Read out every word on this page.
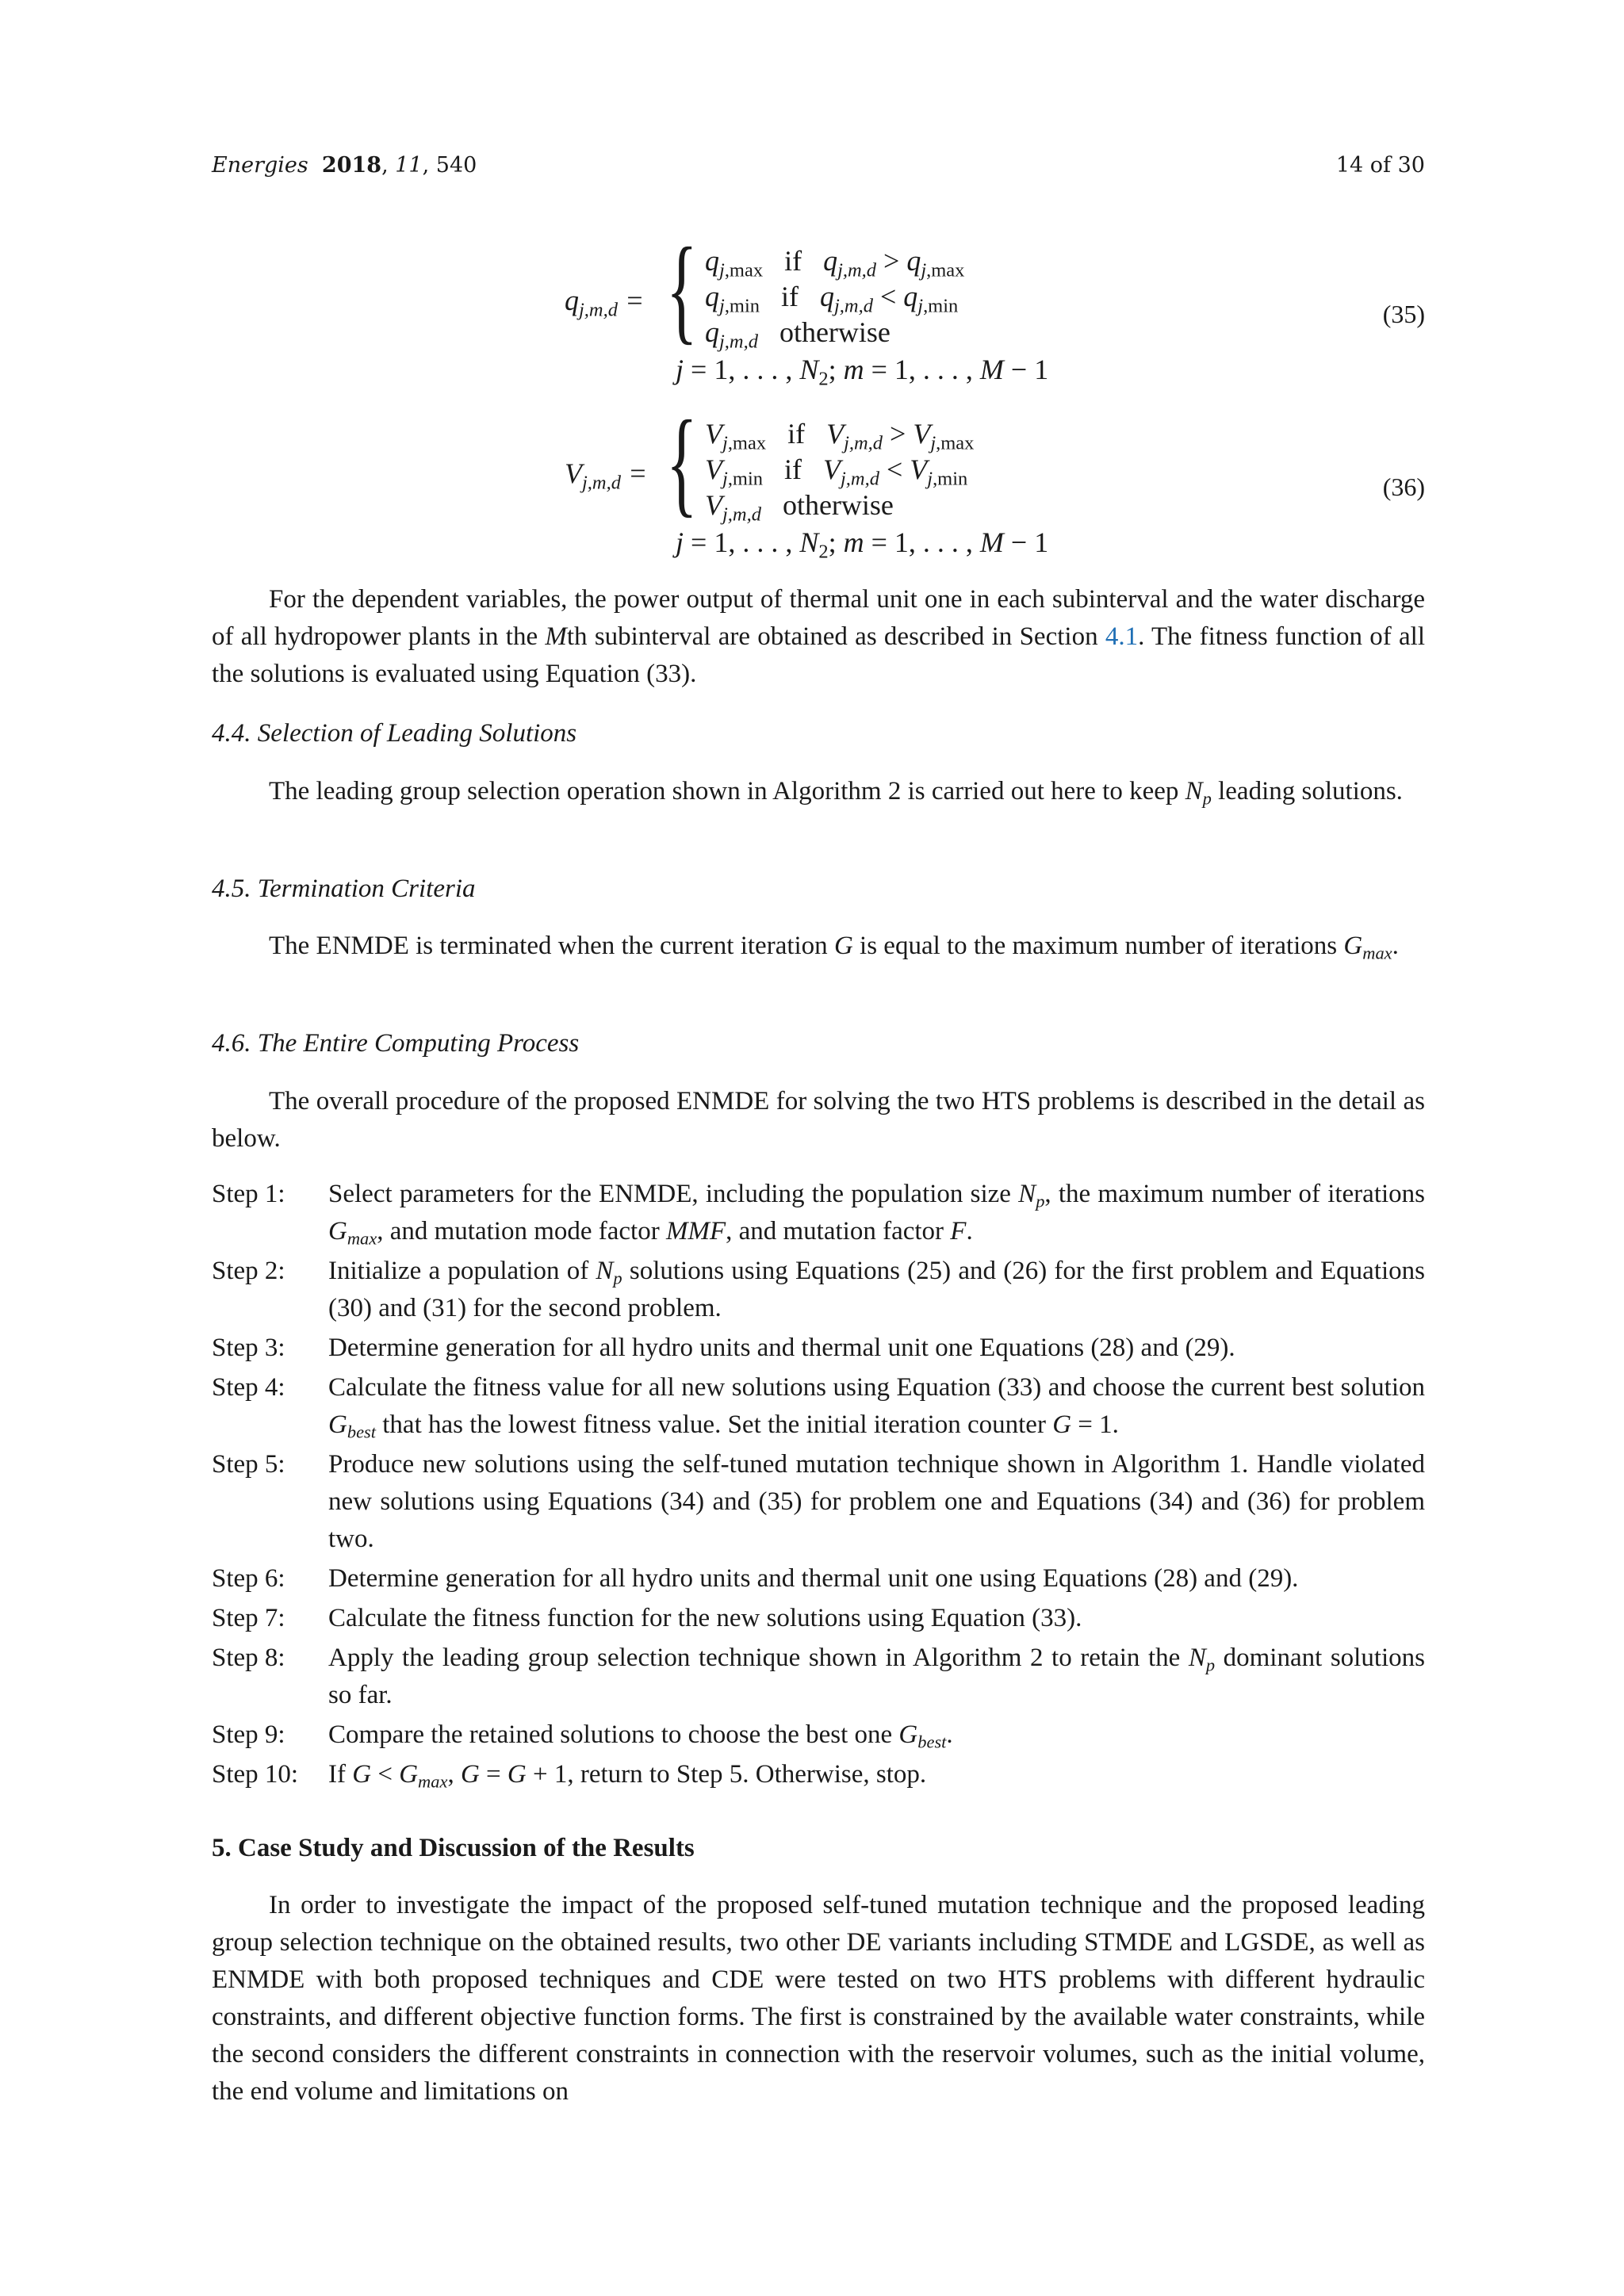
Energies 2018, 11, 540	14 of 30
$q_{j,m,d}$ = { $q_{j,max}$ if $q_{j,m,d} > q_{j,max}$
$q_{j,min}$ if $q_{j,m,d} < q_{j,min}$
$q_{j,m,d}$ otherwise
j = 1, . . . , $N_2$; m = 1, . . . , M − 1
(35)
$V_{j,m,d}$ = { $V_{j,max}$ if $V_{j,m,d} > V_{j,max}$
$V_{j,min}$ if $V_{j,m,d} < V_{j,min}$
$V_{j,m,d}$ otherwise
j = 1, . . . , $N_2$; m = 1, . . . , M − 1
(36)
For the dependent variables, the power output of thermal unit one in each subinterval and the water discharge of all hydropower plants in the Mth subinterval are obtained as described in Section 4.1. The fitness function of all the solutions is evaluated using Equation (33).
4.4. Selection of Leading Solutions
The leading group selection operation shown in Algorithm 2 is carried out here to keep $N_p$ leading solutions.
4.5. Termination Criteria
The ENMDE is terminated when the current iteration G is equal to the maximum number of iterations $G_{max}$.
4.6. The Entire Computing Process
The overall procedure of the proposed ENMDE for solving the two HTS problems is described in the detail as below.
Step 1:	Select parameters for the ENMDE, including the population size $N_p$, the maximum number of iterations $G_{max}$, and mutation mode factor MMF, and mutation factor F.
Step 2:	Initialize a population of $N_p$ solutions using Equations (25) and (26) for the first problem and Equations (30) and (31) for the second problem.
Step 3:	Determine generation for all hydro units and thermal unit one Equations (28) and (29).
Step 4:	Calculate the fitness value for all new solutions using Equation (33) and choose the current best solution $G_{best}$ that has the lowest fitness value. Set the initial iteration counter G = 1.
Step 5:	Produce new solutions using the self-tuned mutation technique shown in Algorithm 1. Handle violated new solutions using Equations (34) and (35) for problem one and Equations (34) and (36) for problem two.
Step 6:	Determine generation for all hydro units and thermal unit one using Equations (28) and (29).
Step 7:	Calculate the fitness function for the new solutions using Equation (33).
Step 8:	Apply the leading group selection technique shown in Algorithm 2 to retain the $N_p$ dominant solutions so far.
Step 9:	Compare the retained solutions to choose the best one $G_{best}$.
Step 10:	If $G < G_{max}$, G = G + 1, return to Step 5. Otherwise, stop.
5. Case Study and Discussion of the Results
In order to investigate the impact of the proposed self-tuned mutation technique and the proposed leading group selection technique on the obtained results, two other DE variants including STMDE and LGSDE, as well as ENMDE with both proposed techniques and CDE were tested on two HTS problems with different hydraulic constraints, and different objective function forms. The first is constrained by the available water constraints, while the second considers the different constraints in connection with the reservoir volumes, such as the initial volume, the end volume and limitations on
